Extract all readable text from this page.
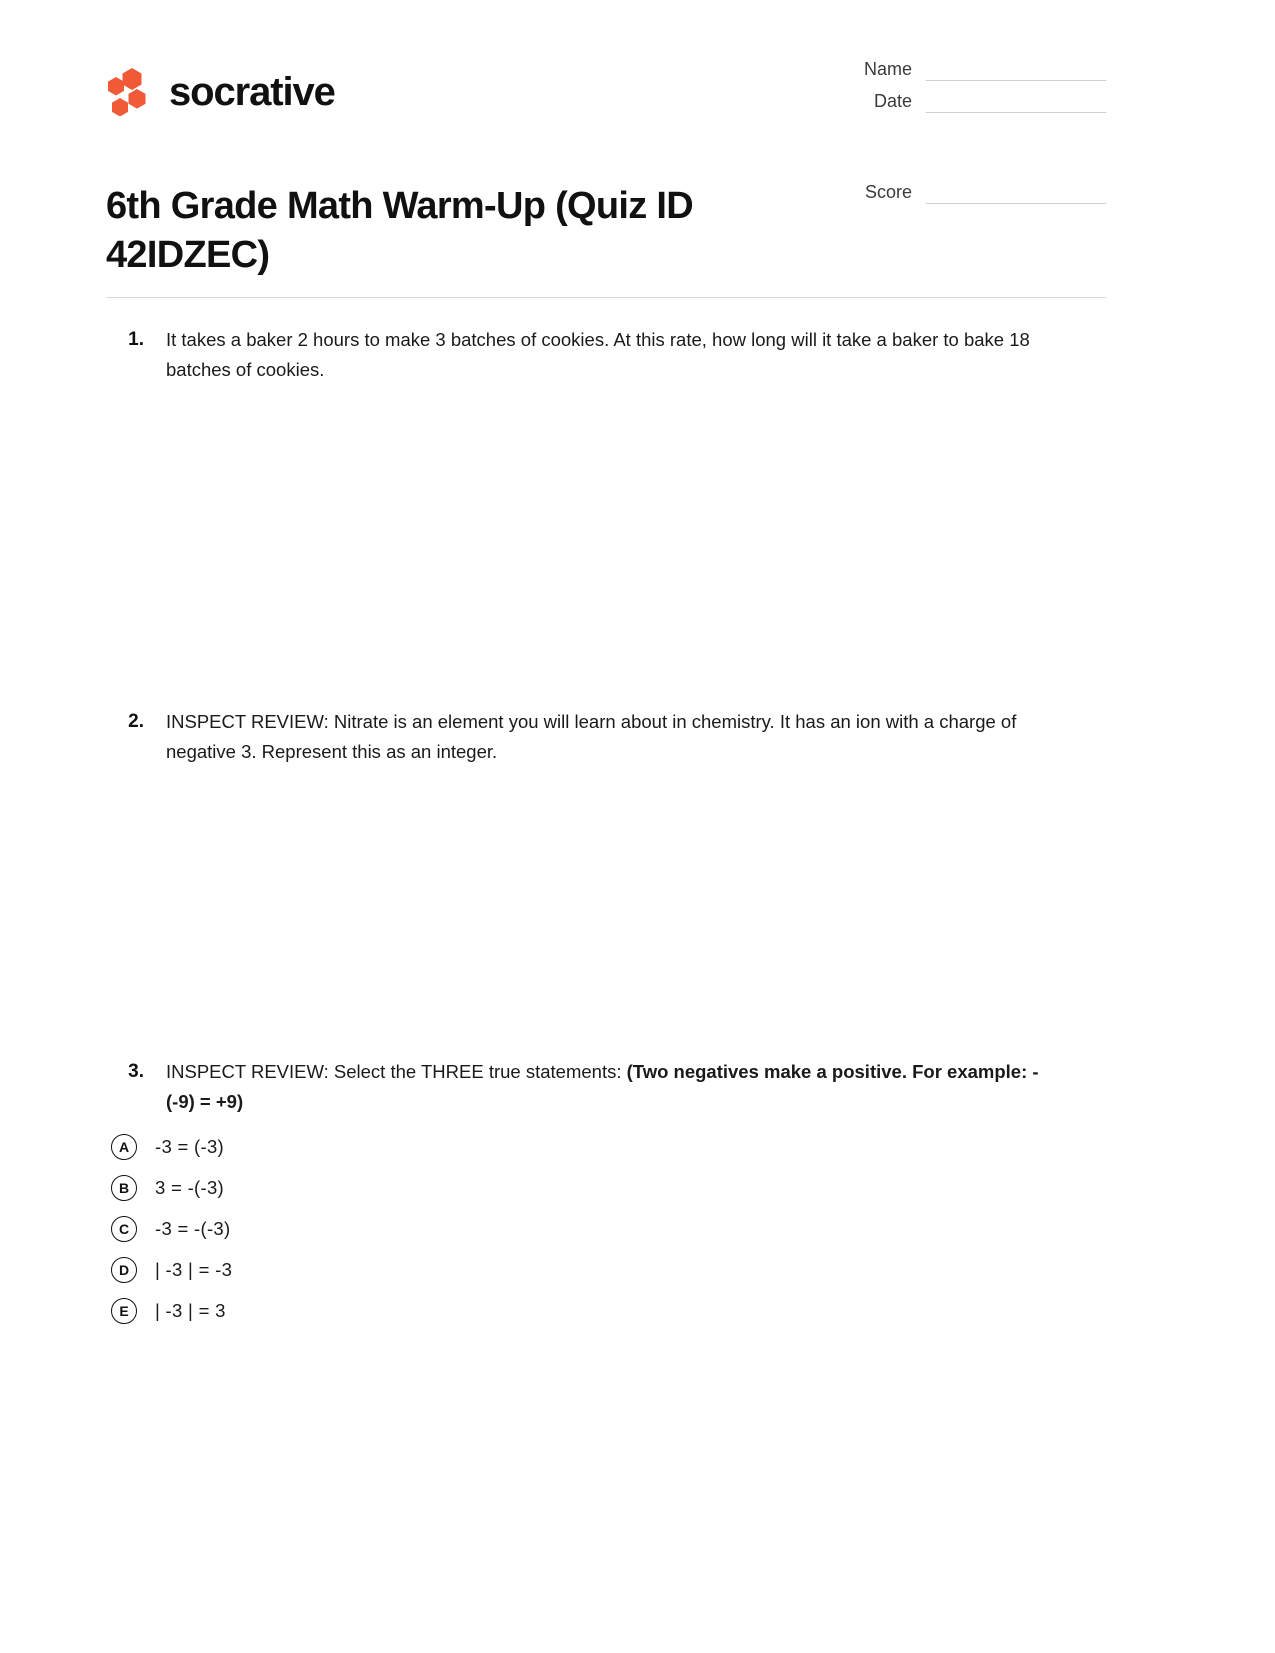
socrative
Name
Date
Score
6th Grade Math Warm-Up (Quiz ID 42IDZEC)
1.	It takes a baker 2 hours to make 3 batches of cookies. At this rate, how long will it take a baker to bake 18 batches of cookies.
2.	INSPECT REVIEW: Nitrate is an element you will learn about in chemistry. It has an ion with a charge of negative 3. Represent this as an integer.
3.	INSPECT REVIEW: Select the THREE true statements: (Two negatives make a positive. For example: -(-9) = +9)
A	-3 = (-3)
B	3 = -(-3)
C	-3 = -(-3)
D	| -3 | = -3
E	| -3 | = 3
